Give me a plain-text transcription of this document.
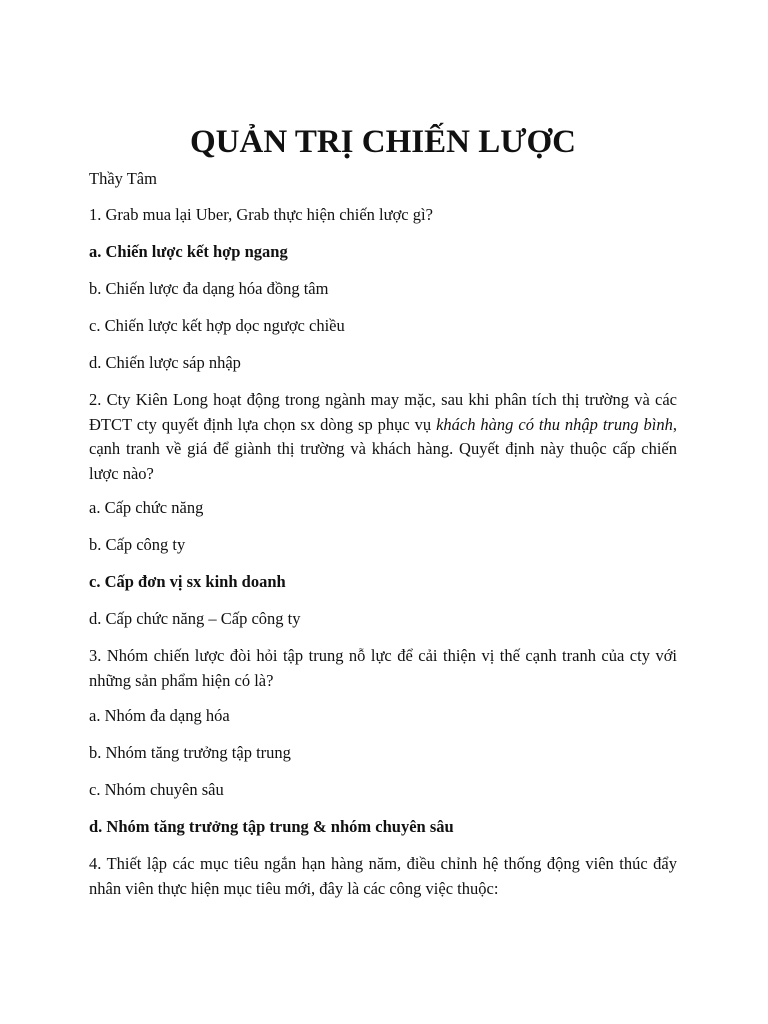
QUẢN TRỊ CHIẾN LƯỢC

Thầy Tâm

1. Grab mua lại Uber, Grab thực hiện chiến lược gì?

a. Chiến lược kết hợp ngang

b. Chiến lược đa dạng hóa đồng tâm

c. Chiến lược kết hợp dọc ngược chiều

d. Chiến lược sáp nhập

2. Cty Kiên Long hoạt động trong ngành may mặc, sau khi phân tích thị trường và các ĐTCT cty quyết định lựa chọn sx dòng sp phục vụ khách hàng có thu nhập trung bình, cạnh tranh về giá để giành thị trường và khách hàng. Quyết định này thuộc cấp chiến lược nào?

a. Cấp chức năng

b. Cấp công ty

c. Cấp đơn vị sx kinh doanh

d. Cấp chức năng – Cấp công ty

3. Nhóm chiến lược đòi hỏi tập trung nỗ lực để cải thiện vị thế cạnh tranh của cty với những sản phẩm hiện có là?

a. Nhóm đa dạng hóa

b. Nhóm tăng trưởng tập trung

c. Nhóm chuyên sâu

d. Nhóm tăng trưởng tập trung & nhóm chuyên sâu

4. Thiết lập các mục tiêu ngắn hạn hàng năm, điều chỉnh hệ thống động viên thúc đẩy nhân viên thực hiện mục tiêu mới, đây là các công việc thuộc:
